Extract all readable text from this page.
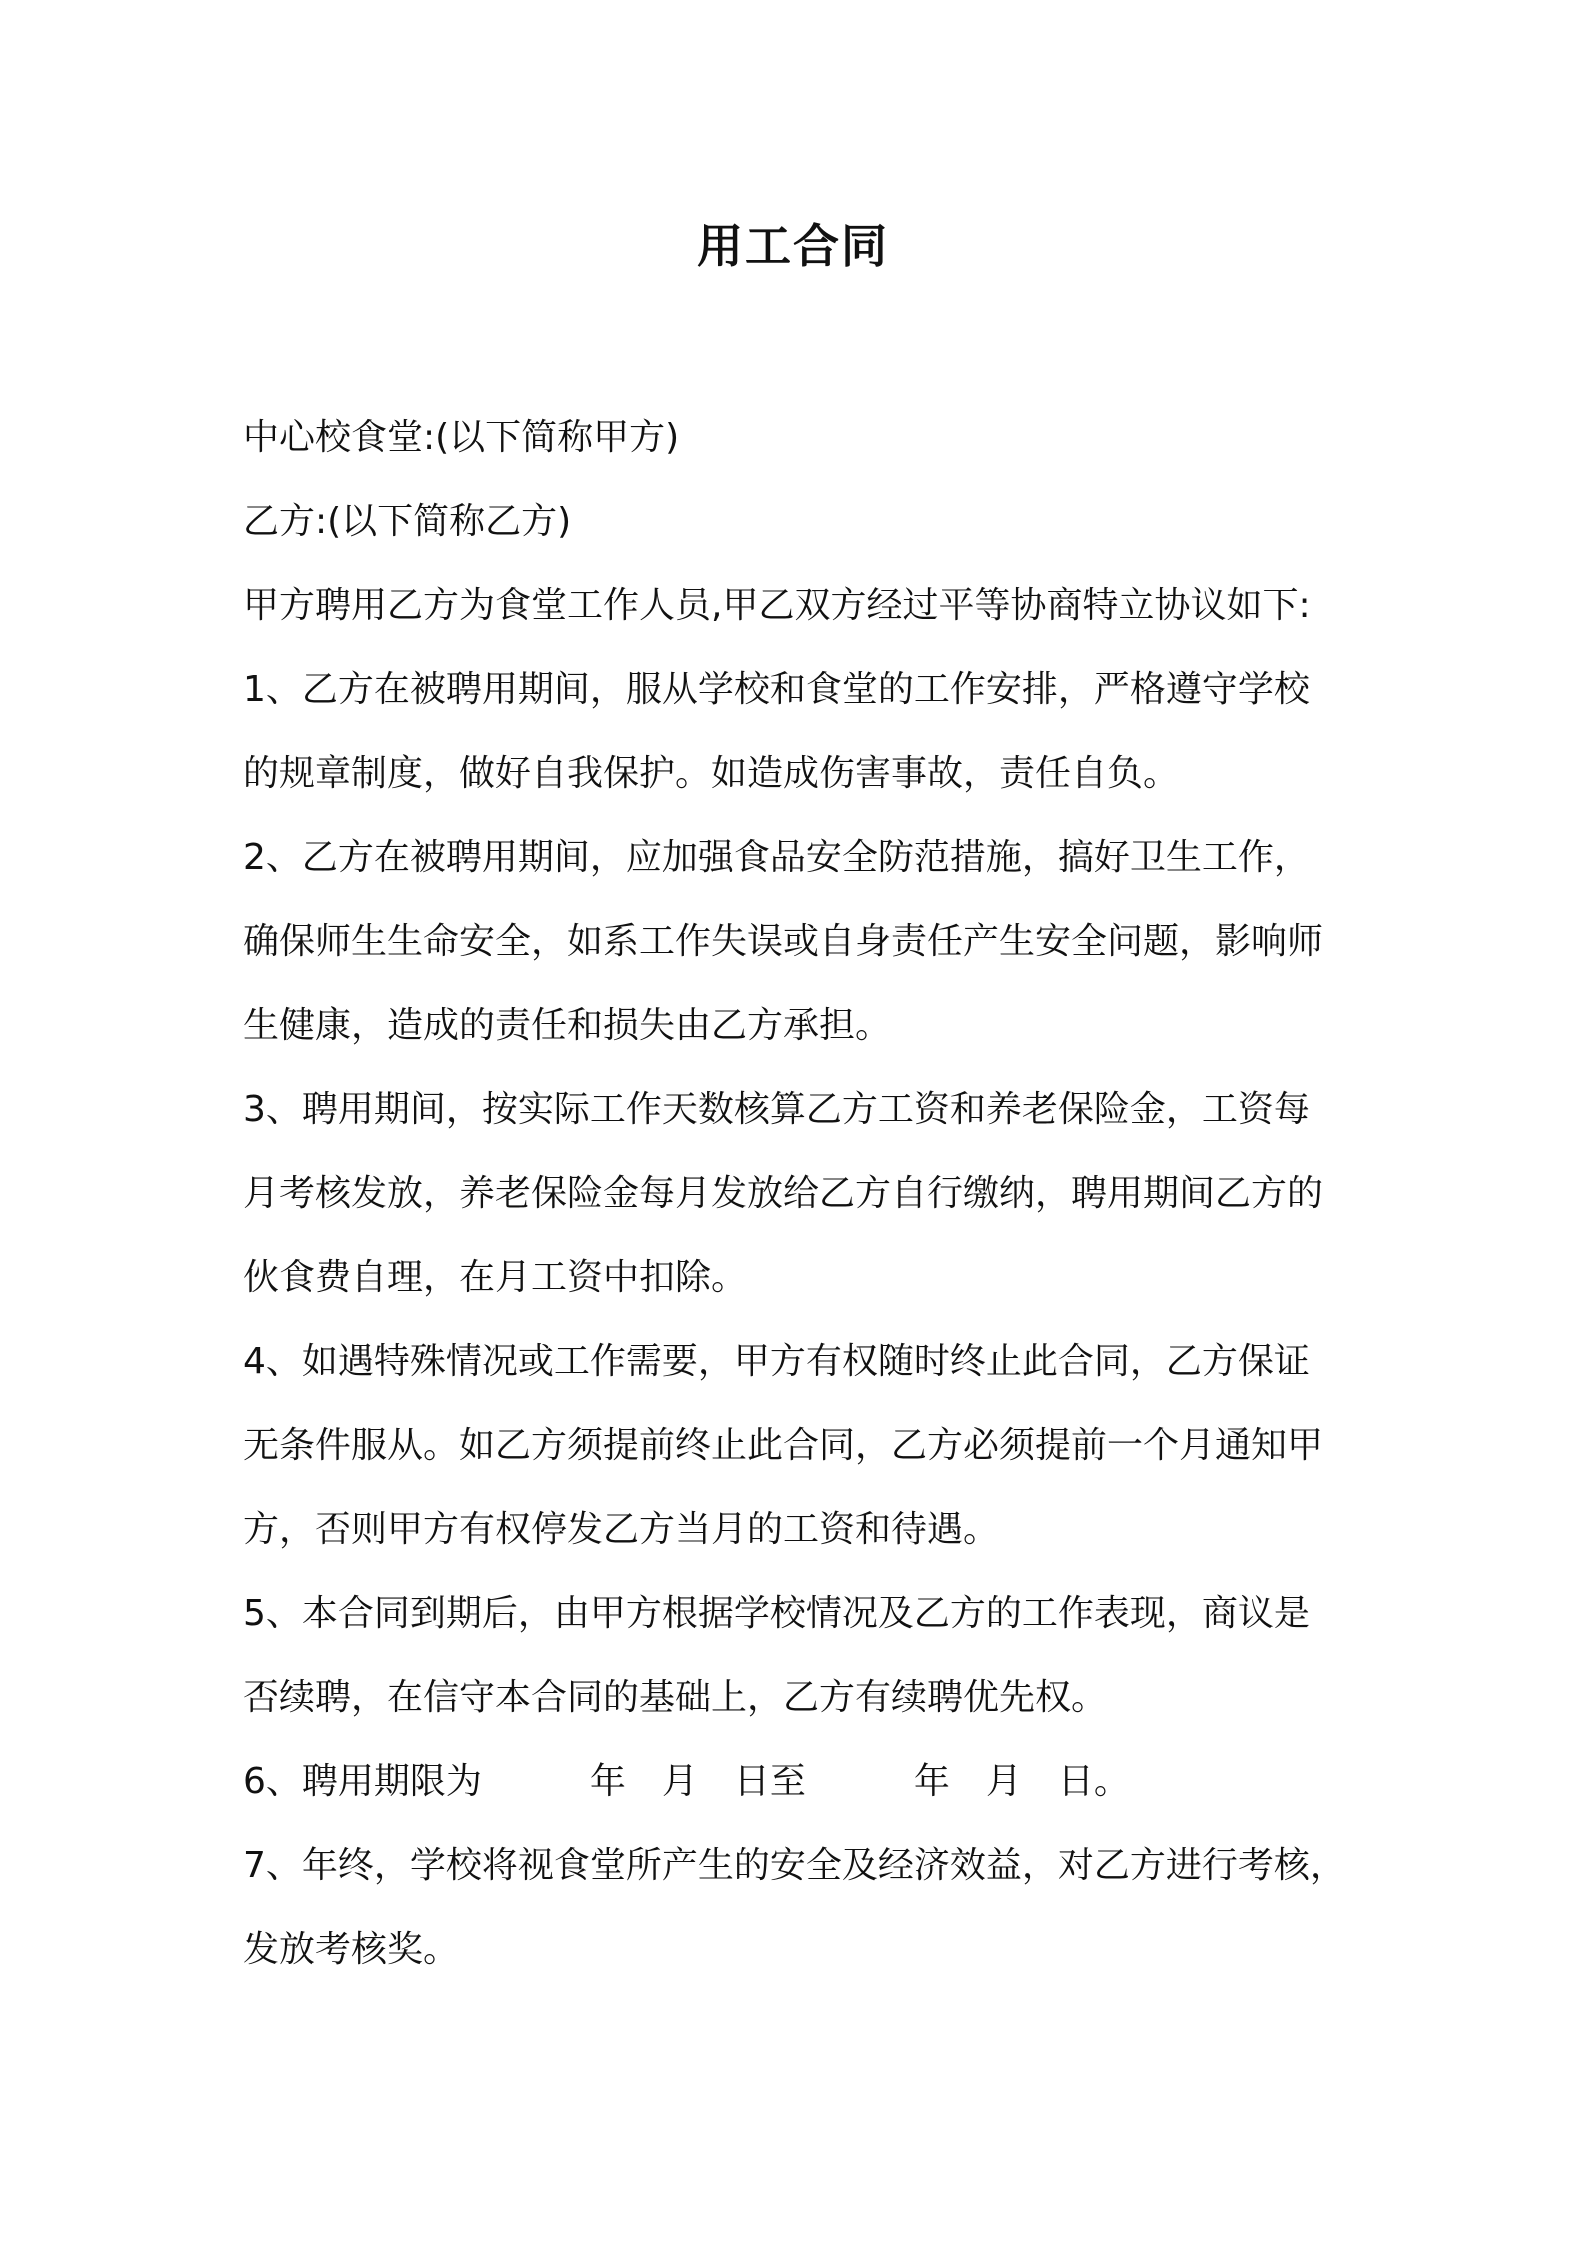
用工合同
中心校食堂:(以下简称甲方)
乙方:(以下简称乙方)
甲方聘用乙方为食堂工作人员,甲乙双方经过平等协商特立协议如下:
1、乙方在被聘用期间，服从学校和食堂的工作安排，严格遵守学校
的规章制度，做好自我保护。如造成伤害事故，责任自负。
2、乙方在被聘用期间，应加强食品安全防范措施，搞好卫生工作，
确保师生生命安全，如系工作失误或自身责任产生安全问题，影响师
生健康，造成的责任和损失由乙方承担。
3、聘用期间，按实际工作天数核算乙方工资和养老保险金，工资每
月考核发放，养老保险金每月发放给乙方自行缴纳，聘用期间乙方的
伙食费自理，在月工资中扣除。
4、如遇特殊情况或工作需要，甲方有权随时终止此合同，乙方保证
无条件服从。如乙方须提前终止此合同，乙方必须提前一个月通知甲
方，否则甲方有权停发乙方当月的工资和待遇。
5、本合同到期后，由甲方根据学校情况及乙方的工作表现，商议是
否续聘，在信守本合同的基础上，乙方有续聘优先权。
6、聘用期限为　　　年　月　日至　　　年　月　日。
7、年终，学校将视食堂所产生的安全及经济效益，对乙方进行考核，
发放考核奖。
